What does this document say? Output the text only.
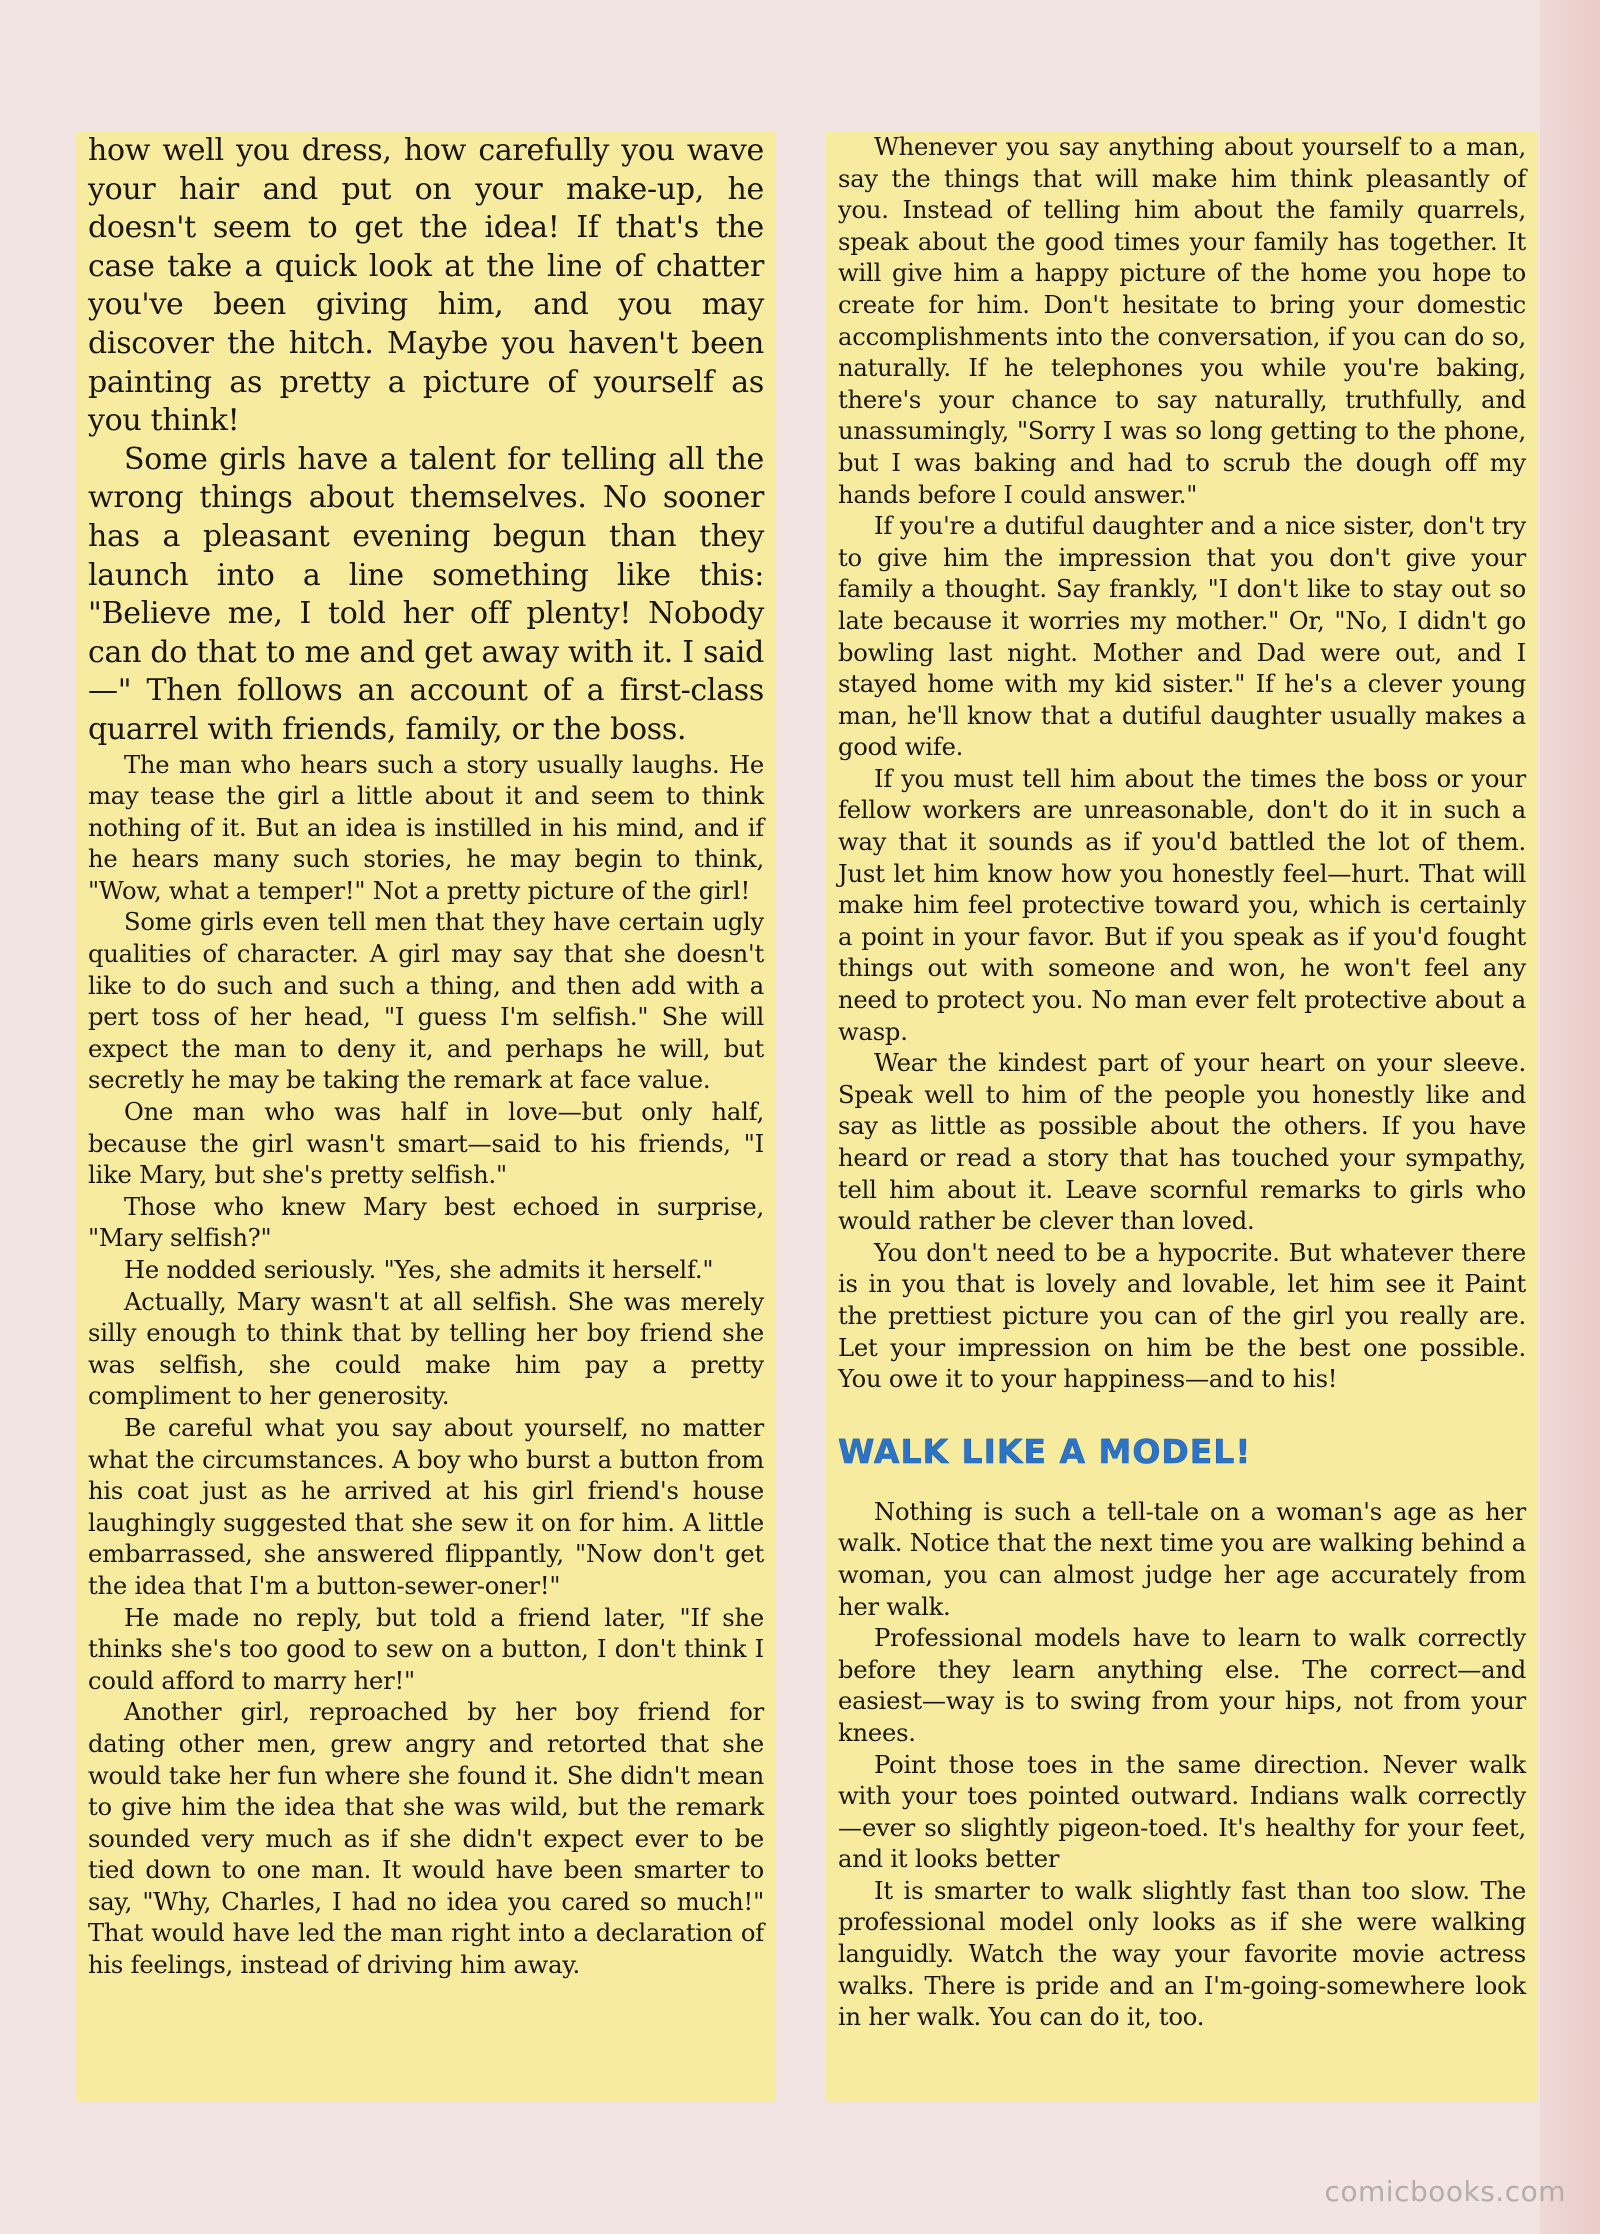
how well you dress, how carefully you wave your hair and put on your make-up, he doesn't seem to get the idea! If that's the case take a quick look at the line of chatter you've been giving him, and you may discover the hitch. Maybe you haven't been painting as pretty a picture of yourself as you think!

Some girls have a talent for telling all the wrong things about themselves. No sooner has a pleasant evening begun than they launch into a line something like this: "Believe me, I told her off plenty! Nobody can do that to me and get away with it. I said—" Then follows an account of a first-class quarrel with friends, family, or the boss.

The man who hears such a story usually laughs. He may tease the girl a little about it and seem to think nothing of it. But an idea is instilled in his mind, and if he hears many such stories, he may begin to think, "Wow, what a temper!" Not a pretty picture of the girl!

Some girls even tell men that they have certain ugly qualities of character. A girl may say that she doesn't like to do such and such a thing, and then add with a pert toss of her head, "I guess I'm selfish." She will expect the man to deny it, and perhaps he will, but secretly he may be taking the remark at face value.

One man who was half in love—but only half, because the girl wasn't smart—said to his friends, "I like Mary, but she's pretty selfish."

Those who knew Mary best echoed in surprise, "Mary selfish?"

He nodded seriously. "Yes, she admits it herself."

Actually, Mary wasn't at all selfish. She was merely silly enough to think that by telling her boy friend she was selfish, she could make him pay a pretty compliment to her generosity.

Be careful what you say about yourself, no matter what the circumstances. A boy who burst a button from his coat just as he arrived at his girl friend's house laughingly suggested that she sew it on for him. A little embarrassed, she answered flippantly, "Now don't get the idea that I'm a button-sewer-oner!"

He made no reply, but told a friend later, "If she thinks she's too good to sew on a button, I don't think I could afford to marry her!"

Another girl, reproached by her boy friend for dating other men, grew angry and retorted that she would take her fun where she found it. She didn't mean to give him the idea that she was wild, but the remark sounded very much as if she didn't expect ever to be tied down to one man. It would have been smarter to say, "Why, Charles, I had no idea you cared so much!" That would have led the man right into a declaration of his feelings, instead of driving him away.

Whenever you say anything about yourself to a man, say the things that will make him think pleasantly of you. Instead of telling him about the family quarrels, speak about the good times your family has together. It will give him a happy picture of the home you hope to create for him. Don't hesitate to bring your domestic accomplishments into the conversation, if you can do so, naturally. If he telephones you while you're baking, there's your chance to say naturally, truthfully, and unassumingly, "Sorry I was so long getting to the phone, but I was baking and had to scrub the dough off my hands before I could answer."

If you're a dutiful daughter and a nice sister, don't try to give him the impression that you don't give your family a thought. Say frankly, "I don't like to stay out so late because it worries my mother." Or, "No, I didn't go bowling last night. Mother and Dad were out, and I stayed home with my kid sister." If he's a clever young man, he'll know that a dutiful daughter usually makes a good wife.

If you must tell him about the times the boss or your fellow workers are unreasonable, don't do it in such a way that it sounds as if you'd battled the lot of them. Just let him know how you honestly feel—hurt. That will make him feel protective toward you, which is certainly a point in your favor. But if you speak as if you'd fought things out with someone and won, he won't feel any need to protect you. No man ever felt protective about a wasp.

Wear the kindest part of your heart on your sleeve. Speak well to him of the people you honestly like and say as little as possible about the others. If you have heard or read a story that has touched your sympathy, tell him about it. Leave scornful remarks to girls who would rather be clever than loved.

You don't need to be a hypocrite. But whatever there is in you that is lovely and lovable, let him see it Paint the prettiest picture you can of the girl you really are. Let your impression on him be the best one possible. You owe it to your happiness—and to his!

WALK LIKE A MODEL!

Nothing is such a tell-tale on a woman's age as her walk. Notice that the next time you are walking behind a woman, you can almost judge her age accurately from her walk.

Professional models have to learn to walk correctly before they learn anything else. The correct—and easiest—way is to swing from your hips, not from your knees.

Point those toes in the same direction. Never walk with your toes pointed outward. Indians walk correctly—ever so slightly pigeon-toed. It's healthy for your feet, and it looks better

It is smarter to walk slightly fast than too slow. The professional model only looks as if she were walking languidly. Watch the way your favorite movie actress walks. There is pride and an I'm-going-somewhere look in her walk. You can do it, too.

comicbooks.com
